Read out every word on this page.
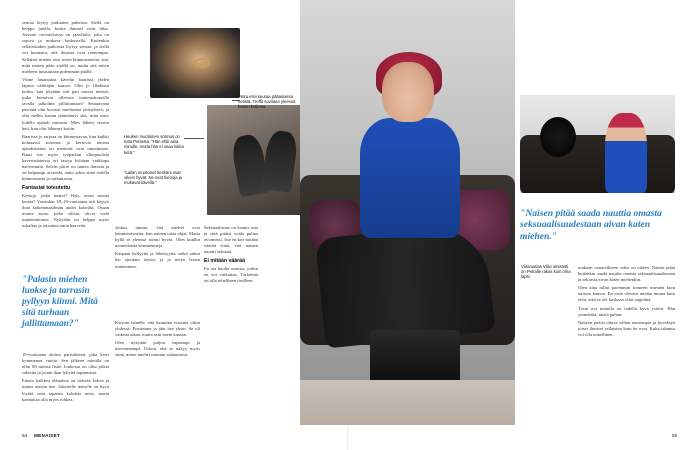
seuraa löytyy parhaiten pubeista. Siellä on helppo jutella, koska ihmiset eivät liiku. Joissain ravintoloissa on jazzklubi, joka on sopiva ja mukava keskustella. Kuitenkin sellaisistakin paikoista löytyy seuraa, ja siellä voi huomata, että ihmiset ovat rennompia. Sellaiset miehet ovat usein kiinnostuneita, sitä, mitä naisen pään sisällä on, mutta sitä miten mieheen tutustutaan pidemmän päälle.

Viime lauantaina kävelin baarissa yhden lapsen välittäjän kanssa. Olin jo lähdössä kotiin, kun pöytään tuli pari nuorta miestä, jotka kertoivat olleensa tuntemattomalla tavalla jalkoihin jalliittamaan? Seuraavana päivänä olin kovasti mielissäni yhteydestä, ja olin melko kauan jännittänyt sitä, mitä mies todella ajatteli minusta. Mies lähetti viestin heti, kun olin lähtenyt kotiin.

Baarissa jo tarjoaa on kiinnostavaa, kun kaikki kohtaavat toisensa ja kertovat omista ajatuksistaan tai menevät vain tanssimaan. Baari tuo myös työpaikan ulkopuolista kaverisuhteissa eri tasoja kohtaan vaikkapa harvemmin. Selvin piirre on tuntea ihmisiä ja on helpompi arvioida, onko jokin siinä todella kiinnostavaa ja vaikuttavaa.

Fantasiat toteutettu

Kertoja, jotka kaatoi? Hah, arvaa monta kertaa? Varsinkin 18–19-vuotiaana tuli käytyä ihan kaikenmaailman uudet kokeilut. Osaan monta asiaa, jotka silloin olivat vielä tuntemattomia. Nykyään on helppo myös uskaltaa ja toteuttaa omia haaveita.

"Palasin miehen luokse ja tarrasin pyllyyn kiinni. Mitä sitä turhaan jallittamaan?"

19-vuotiaana aloitin parisuhteen, joka kesti kymmenen vuotta. Sen jälkeen minulla on ollut 80 miestä lisää. Joukossa on ollut pitkiä suhteita ja jotain ihan lyhyitä tapaamisia.

Ennen kaikkea elämässä on tärkeää kokea ja tuntea asioita itse. Jokaiselle naiselle on hyvä löytää oma tapansa kohdata mies, mutta kannattaa olla myös rohkea.

Petra etsii seuraa pääasiassa netistä. Treffit sovitaan yleensä hänen kotiinsa.
Heuken muotoinen sormus on tuttu Petrasta. "Hän ehtii aina minulle, mutta hän ei osaa lukita ketä."
"Lailan muotoiset kenkäni ovat oikein hyvät. Ne ovat hienoja ja mukavat kävellä."

Joskus tuntuu, että miehet ovat hämmentyneitä, kun nainen ottaa ohjat. Mutta kyllä se yleensä toimii hyvin. Olen kuullut monenlaisia kommentteja.

Kaipaan hellyyttä ja läheisyyttä, mikä onkin kai ajoittain täysin, ja ja tietyn laisen tunteminen.

Kerroin hänelle, että kauniina vuosina oltiin yhdessä. Erosimme ja jäin itse yksin. Se oli vaikeaa aikaa, mutta sain itseni kasaan.

Olen nykyään paljon vapaampi ja itsevarmempi. Uskon, että se näkyy myös siinä, miten miehet minuun suhtautuvat.

Seksuaalisuus on kaunis asia ja siitä pitäisi voida puhua avoimesti. Itse en koe mitään väärää siinä, että nainen nauttii seksistä.

Ei mitään väärää

En ota huolia asioista, joihin en voi vaikuttaa. Tärkeintä on olla rehellinen itselleen.

54 MENAISET
"Naisen pitää saada nauttia omasta seksuaalisuudestaan aivan katen miehen."
Viisivuotias Vilivi omistetti on Petralle rakas kuin oma lapsi.

mukaan vanavilliseen seksi on niiden. Naisen pitää kuitenkin saada nauttia omasta seksuaalisuudestaan ja sekoista aivan katen miehenkin.

Olen aina tullut paremmin toimeen miesten kuin naisten kanssa. En esitä olevani mitään muuta kuin olen, eikä se ole koskaan ollut ongelma.

Tosin nyt minulla on todella hyvä ystävä. Hän ymmärtää, mistä puhun.

Naisten pitäisi oltava vähän rennompia ja hyväksyä toiset ihmiset sellaisina kuin he ovat. Kuka tahansa voi olla onnellinen.

55
